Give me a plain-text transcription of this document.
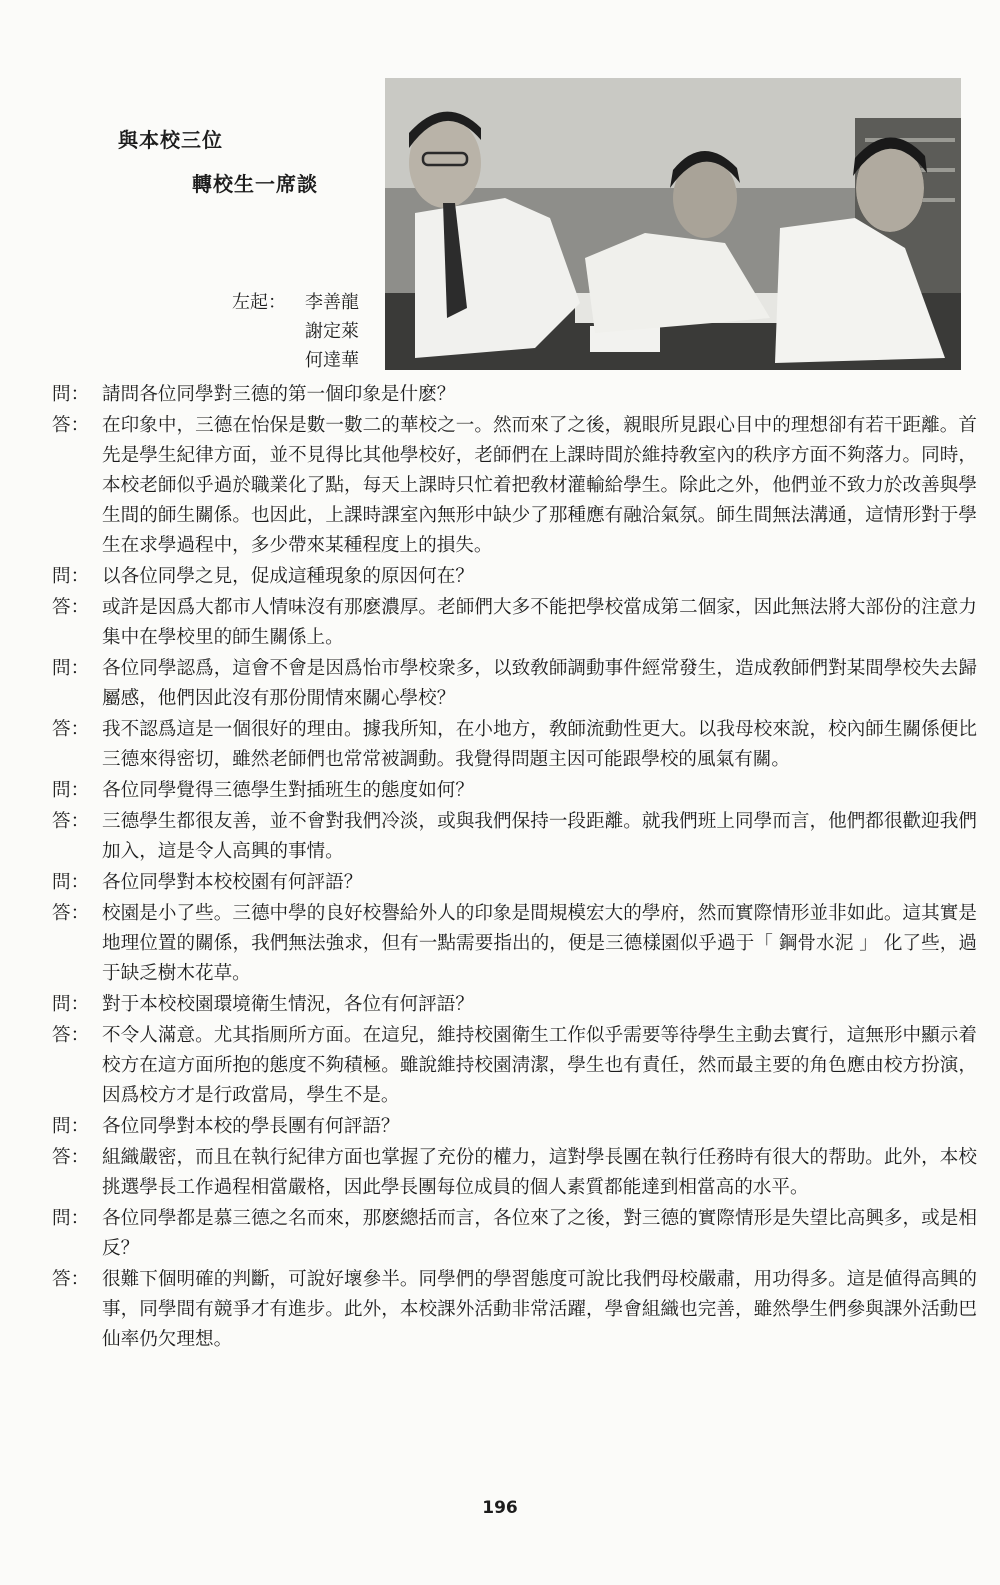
與本校三位
轉校生一席談
左起：	李善龍
謝定萊
何達華
問： 請問各位同學對三德的第一個印象是什麽？
答： 在印象中，三德在怡保是數一數二的華校之一。然而來了之後，親眼所見跟心目中的理想卻有若干距離。首先是學生紀律方面，並不見得比其他學校好，老師們在上課時間於維持敎室內的秩序方面不夠落力。同時，本校老師似乎過於職業化了點，每天上課時只忙着把敎材灌輸給學生。除此之外，他們並不致力於改善與學生間的師生關係。也因此，上課時課室內無形中缺少了那種應有融洽氣氛。師生間無法溝通，這情形對于學生在求學過程中，多少帶來某種程度上的損失。
問： 以各位同學之見，促成這種現象的原因何在？
答： 或許是因爲大都市人情味沒有那麽濃厚。老師們大多不能把學校當成第二個家，因此無法將大部份的注意力集中在學校里的師生關係上。
問： 各位同學認爲，這會不會是因爲怡市學校衆多，以致敎師調動事件經常發生，造成敎師們對某間學校失去歸屬感，他們因此沒有那份閒情來關心學校？
答： 我不認爲這是一個很好的理由。據我所知，在小地方，敎師流動性更大。以我母校來說，校內師生關係便比三德來得密切，雖然老師們也常常被調動。我覺得問題主因可能跟學校的風氣有關。
問： 各位同學覺得三德學生對插班生的態度如何？
答： 三德學生都很友善，並不會對我們冷淡，或與我們保持一段距離。就我們班上同學而言，他們都很歡迎我們加入，這是令人高興的事情。
問： 各位同學對本校校園有何評語？
答： 校園是小了些。三德中學的良好校譽給外人的印象是間規模宏大的學府，然而實際情形並非如此。這其實是地理位置的關係，我們無法強求，但有一點需要指出的，便是三德樣園似乎過于「 鋼骨水泥 」 化了些，過于缺乏樹木花草。
問： 對于本校校園環境衛生情況，各位有何評語？
答： 不令人滿意。尤其指厠所方面。在這兒，維持校園衛生工作似乎需要等待學生主動去實行，這無形中顯示着校方在這方面所抱的態度不夠積極。雖說維持校園淸潔，學生也有責任，然而最主要的角色應由校方扮演，因爲校方才是行政當局，學生不是。
問： 各位同學對本校的學長團有何評語？
答： 組織嚴密，而且在執行紀律方面也掌握了充份的權力，這對學長團在執行任務時有很大的帮助。此外，本校挑選學長工作過程相當嚴格，因此學長團每位成員的個人素質都能達到相當高的水平。
問： 各位同學都是慕三德之名而來，那麽總括而言，各位來了之後，對三德的實際情形是失望比高興多，或是相反？
答： 很難下個明確的判斷，可說好壞參半。同學們的學習態度可說比我們母校嚴肅，用功得多。這是値得高興的事，同學間有競爭才有進步。此外，本校課外活動非常活躍，學會組織也完善，雖然學生們參與課外活動巴仙率仍欠理想。
196
